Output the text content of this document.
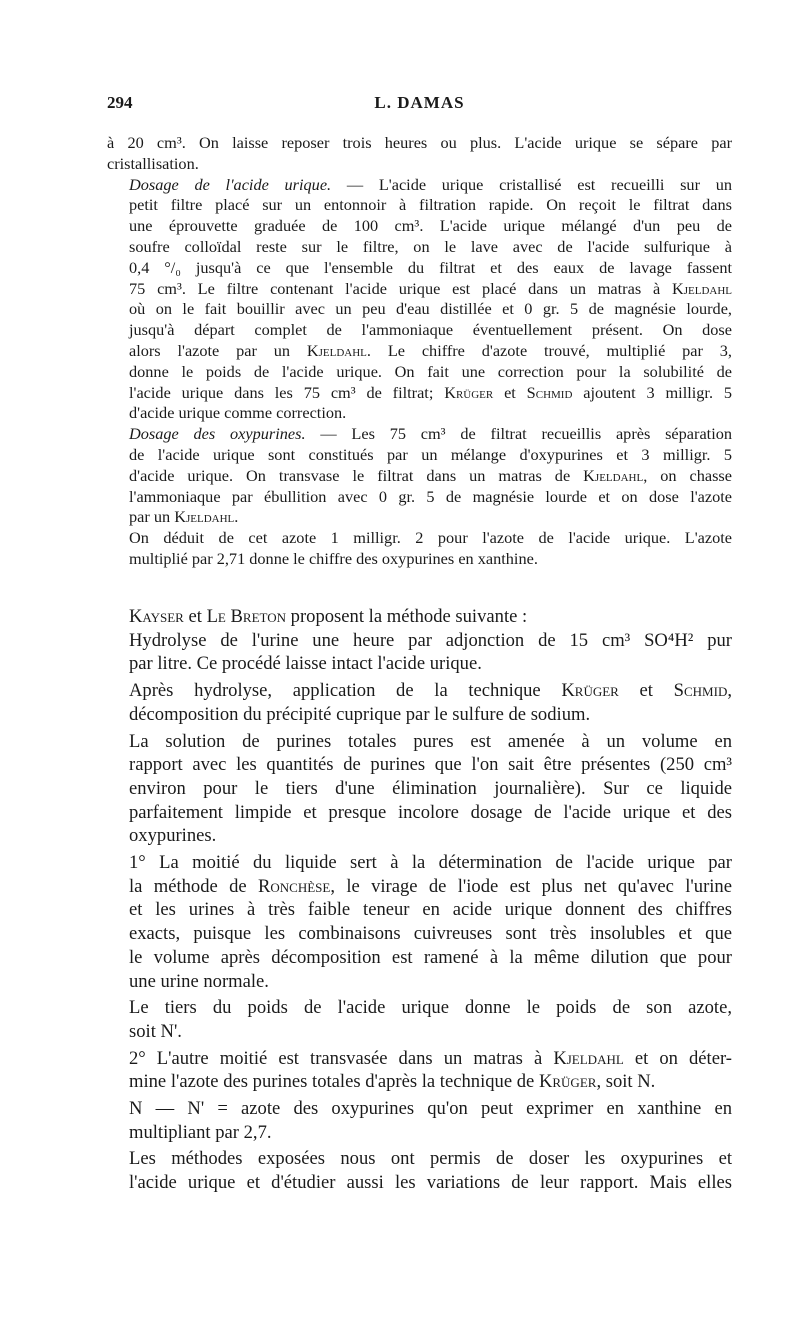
294	L. DAMAS

à 20 cm³. On laisse reposer trois heures ou plus. L'acide urique se sépare par
cristallisation.

Dosage de l'acide urique. — L'acide urique cristallisé est recueilli sur un
petit filtre placé sur un entonnoir à filtration rapide. On reçoit le filtrat dans
une éprouvette graduée de 100 cm³. L'acide urique mélangé d'un peu de
soufre colloïdal reste sur le filtre, on le lave avec de l'acide sulfurique à
0,4 °/₀ jusqu'à ce que l'ensemble du filtrat et des eaux de lavage fassent
75 cm³. Le filtre contenant l'acide urique est placé dans un matras à Kjeldahl
où on le fait bouillir avec un peu d'eau distillée et 0 gr. 5 de magnésie lourde,
jusqu'à départ complet de l'ammoniaque éventuellement présent. On dose
alors l'azote par un Kjeldahl. Le chiffre d'azote trouvé, multiplié par 3,
donne le poids de l'acide urique. On fait une correction pour la solubilité de
l'acide urique dans les 75 cm³ de filtrat; Krüger et Schmid ajoutent 3 milligr. 5
d'acide urique comme correction.

Dosage des oxypurines. — Les 75 cm³ de filtrat recueillis après séparation
de l'acide urique sont constitués par un mélange d'oxypurines et 3 milligr. 5
d'acide urique. On transvase le filtrat dans un matras de Kjeldahl, on chasse
l'ammoniaque par ébullition avec 0 gr. 5 de magnésie lourde et on dose l'azote
par un Kjeldahl.

On déduit de cet azote 1 milligr. 2 pour l'azote de l'acide urique. L'azote
multiplié par 2,71 donne le chiffre des oxypurines en xanthine.

Kayser et Le Breton proposent la méthode suivante :

Hydrolyse de l'urine une heure par adjonction de 15 cm³ SO⁴H² pur
par litre. Ce procédé laisse intact l'acide urique.

Après hydrolyse, application de la technique Krüger et Schmid,
décomposition du précipité cuprique par le sulfure de sodium.

La solution de purines totales pures est amenée à un volume en
rapport avec les quantités de purines que l'on sait être présentes (250 cm³
environ pour le tiers d'une élimination journalière). Sur ce liquide
parfaitement limpide et presque incolore dosage de l'acide urique et des
oxypurines.

1° La moitié du liquide sert à la détermination de l'acide urique par
la méthode de Ronchèse, le virage de l'iode est plus net qu'avec l'urine
et les urines à très faible teneur en acide urique donnent des chiffres
exacts, puisque les combinaisons cuivreuses sont très insolubles et que
le volume après décomposition est ramené à la même dilution que pour
une urine normale.

Le tiers du poids de l'acide urique donne le poids de son azote,
soit N'.

2° L'autre moitié est transvasée dans un matras à Kjeldahl et on déter-
mine l'azote des purines totales d'après la technique de Krüger, soit N.

N — N' = azote des oxypurines qu'on peut exprimer en xanthine en
multipliant par 2,7.

Les méthodes exposées nous ont permis de doser les oxypurines et
l'acide urique et d'étudier aussi les variations de leur rapport. Mais elles
